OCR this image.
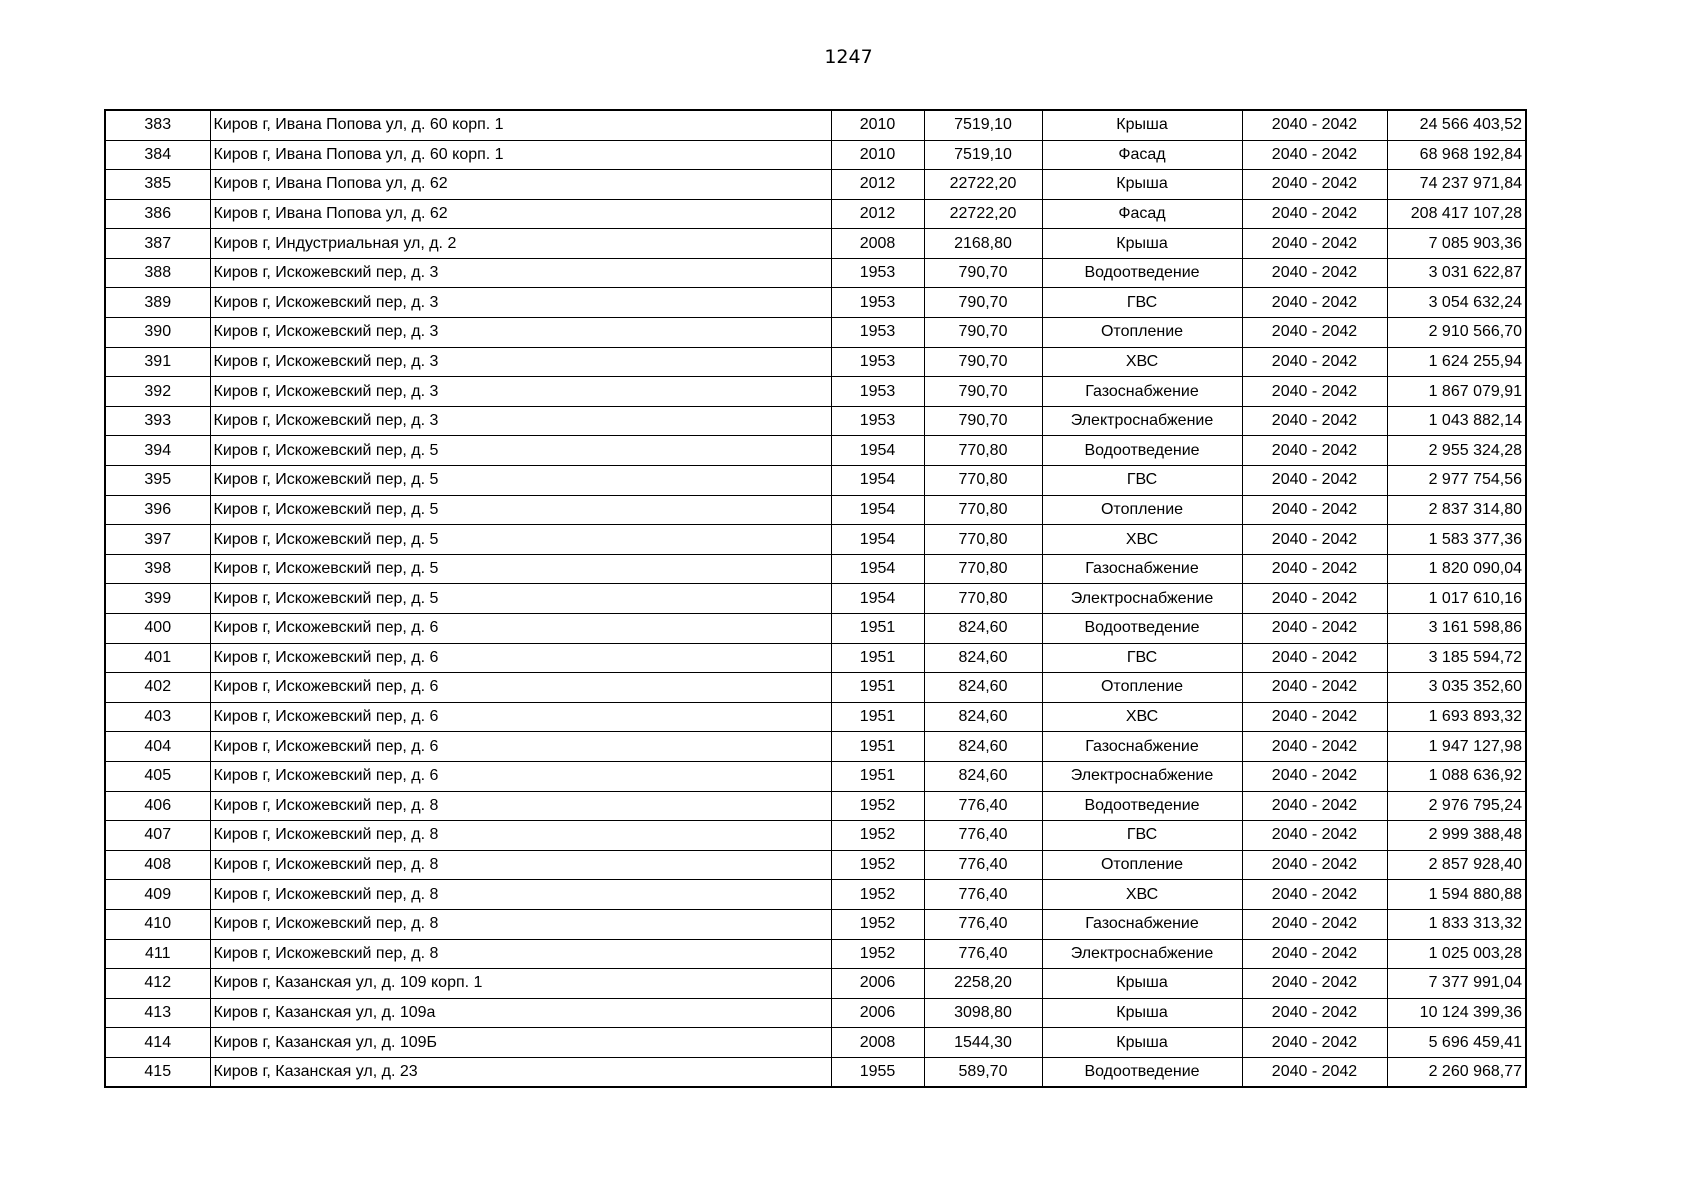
1247
383	Киров г, Ивана Попова ул, д. 60 корп. 1	2010	7519,10	Крыша	2040 - 2042	24 566 403,52
384	Киров г, Ивана Попова ул, д. 60 корп. 1	2010	7519,10	Фасад	2040 - 2042	68 968 192,84
385	Киров г, Ивана Попова ул, д. 62	2012	22722,20	Крыша	2040 - 2042	74 237 971,84
386	Киров г, Ивана Попова ул, д. 62	2012	22722,20	Фасад	2040 - 2042	208 417 107,28
387	Киров г, Индустриальная ул, д. 2	2008	2168,80	Крыша	2040 - 2042	7 085 903,36
388	Киров г, Искожевский пер, д. 3	1953	790,70	Водоотведение	2040 - 2042	3 031 622,87
389	Киров г, Искожевский пер, д. 3	1953	790,70	ГВС	2040 - 2042	3 054 632,24
390	Киров г, Искожевский пер, д. 3	1953	790,70	Отопление	2040 - 2042	2 910 566,70
391	Киров г, Искожевский пер, д. 3	1953	790,70	ХВС	2040 - 2042	1 624 255,94
392	Киров г, Искожевский пер, д. 3	1953	790,70	Газоснабжение	2040 - 2042	1 867 079,91
393	Киров г, Искожевский пер, д. 3	1953	790,70	Электроснабжение	2040 - 2042	1 043 882,14
394	Киров г, Искожевский пер, д. 5	1954	770,80	Водоотведение	2040 - 2042	2 955 324,28
395	Киров г, Искожевский пер, д. 5	1954	770,80	ГВС	2040 - 2042	2 977 754,56
396	Киров г, Искожевский пер, д. 5	1954	770,80	Отопление	2040 - 2042	2 837 314,80
397	Киров г, Искожевский пер, д. 5	1954	770,80	ХВС	2040 - 2042	1 583 377,36
398	Киров г, Искожевский пер, д. 5	1954	770,80	Газоснабжение	2040 - 2042	1 820 090,04
399	Киров г, Искожевский пер, д. 5	1954	770,80	Электроснабжение	2040 - 2042	1 017 610,16
400	Киров г, Искожевский пер, д. 6	1951	824,60	Водоотведение	2040 - 2042	3 161 598,86
401	Киров г, Искожевский пер, д. 6	1951	824,60	ГВС	2040 - 2042	3 185 594,72
402	Киров г, Искожевский пер, д. 6	1951	824,60	Отопление	2040 - 2042	3 035 352,60
403	Киров г, Искожевский пер, д. 6	1951	824,60	ХВС	2040 - 2042	1 693 893,32
404	Киров г, Искожевский пер, д. 6	1951	824,60	Газоснабжение	2040 - 2042	1 947 127,98
405	Киров г, Искожевский пер, д. 6	1951	824,60	Электроснабжение	2040 - 2042	1 088 636,92
406	Киров г, Искожевский пер, д. 8	1952	776,40	Водоотведение	2040 - 2042	2 976 795,24
407	Киров г, Искожевский пер, д. 8	1952	776,40	ГВС	2040 - 2042	2 999 388,48
408	Киров г, Искожевский пер, д. 8	1952	776,40	Отопление	2040 - 2042	2 857 928,40
409	Киров г, Искожевский пер, д. 8	1952	776,40	ХВС	2040 - 2042	1 594 880,88
410	Киров г, Искожевский пер, д. 8	1952	776,40	Газоснабжение	2040 - 2042	1 833 313,32
411	Киров г, Искожевский пер, д. 8	1952	776,40	Электроснабжение	2040 - 2042	1 025 003,28
412	Киров г, Казанская ул, д. 109 корп. 1	2006	2258,20	Крыша	2040 - 2042	7 377 991,04
413	Киров г, Казанская ул, д. 109а	2006	3098,80	Крыша	2040 - 2042	10 124 399,36
414	Киров г, Казанская ул, д. 109Б	2008	1544,30	Крыша	2040 - 2042	5 696 459,41
415	Киров г, Казанская ул, д. 23	1955	589,70	Водоотведение	2040 - 2042	2 260 968,77
